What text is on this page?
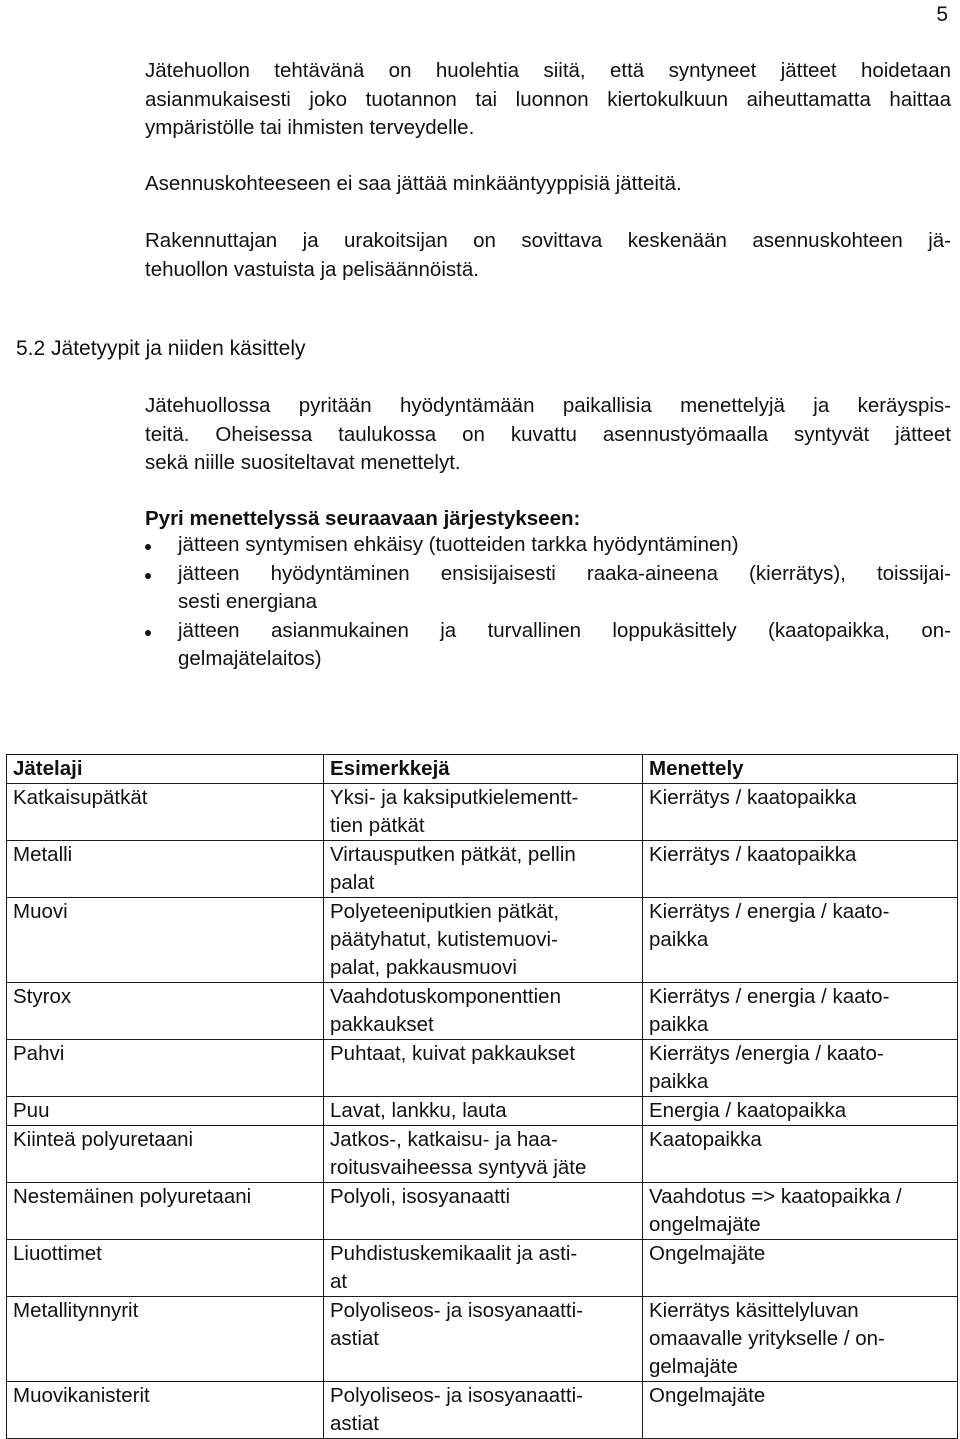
5

Jätehuollon tehtävänä on huolehtia siitä, että syntyneet jätteet hoidetaan asianmukaisesti joko tuotannon tai luonnon kiertokulkuun aiheuttamatta haittaa ympäristölle tai ihmisten terveydelle.

Asennuskohteeseen ei saa jättää minkääntyyppisiä jätteitä.

Rakennuttajan ja urakoitsijan on sovittava keskenään asennuskohteen jä-
tehuollon vastuista ja pelisäännöistä.

5.2 Jätetyypit ja niiden käsittely

Jätehuollossa pyritään hyödyntämään paikallisia menettelyjä ja keräyspis-
teitä. Oheisessa taulukossa on kuvattu asennustyömaalla syntyvät jätteet
sekä niille suositeltavat menettelyt.

Pyri menettelyssä seuraavaan järjestykseen:

jätteen syntymisen ehkäisy (tuotteiden tarkka hyödyntäminen)
jätteen hyödyntäminen ensisijaisesti raaka-aineena (kierrätys), toissijai-
sesti energiana
jätteen asianmukainen ja turvallinen loppukäsittely (kaatopaikka, on-
gelmajätelaitos)
Jätelaji	Esimerkkejä	Menettely
Katkaisupätkät	Yksi- ja kaksiputkielementt-
tien pätkät	Kierrätys / kaatopaikka

Metalli	Virtausputken pätkät, pellin
palat	Kierrätys / kaatopaikka

Muovi	Polyeteeniputkien pätkät,
päätyhatut, kutistemuovi-
palat, pakkausmuovi	Kierrätys / energia / kaato-
paikka

Styrox	Vaahdotuskomponenttien
pakkaukset	Kierrätys / energia / kaato-
paikka

Pahvi	Puhtaat, kuivat pakkaukset	Kierrätys /energia / kaato-
paikka

Puu	Lavat, lankku, lauta	Energia / kaatopaikka

Kiinteä polyuretaani	Jatkos-, katkaisu- ja haa-
roitusvaiheessa syntyvä jäte	Kaatopaikka

Nestemäinen polyuretaani	Polyoli, isosyanaatti	Vaahdotus => kaatopaikka /
ongelmajäte

Liuottimet	Puhdistuskemikaalit ja asti-
at	Ongelmajäte

Metallitynnyrit	Polyoliseos- ja isosyanaatti-
astiat	Kierrätys käsittelyluvan
omaavalle yritykselle / on-
gelmajäte

Muovikanisterit	Polyoliseos- ja isosyanaatti-
astiat	Ongelmajäte
